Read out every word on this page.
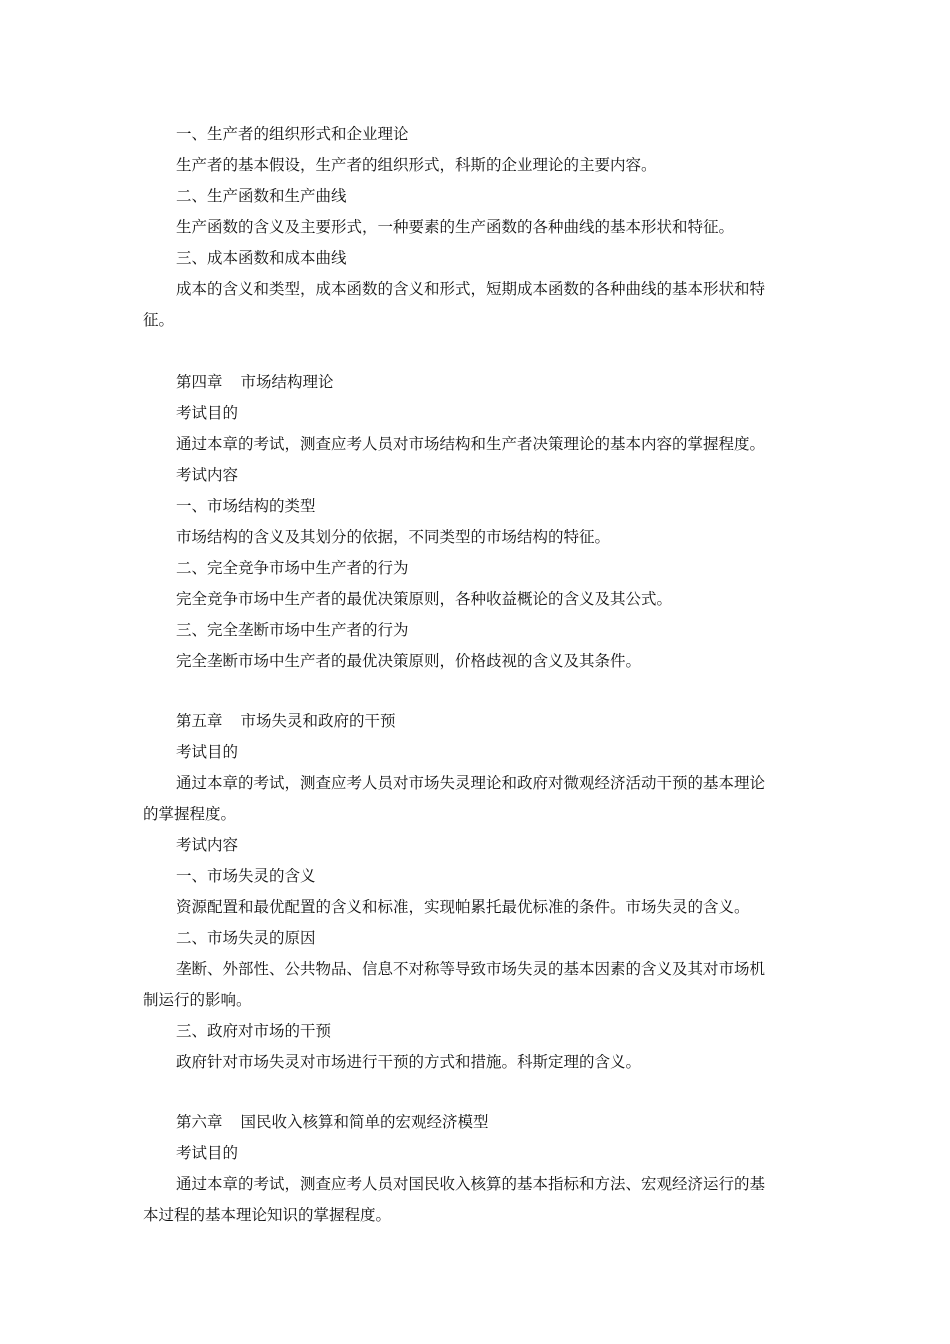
一、生产者的组织形式和企业理论
生产者的基本假设，生产者的组织形式，科斯的企业理论的主要内容。
二、生产函数和生产曲线
生产函数的含义及主要形式，一种要素的生产函数的各种曲线的基本形状和特征。
三、成本函数和成本曲线
成本的含义和类型，成本函数的含义和形式，短期成本函数的各种曲线的基本形状和特
征。
第四章 市场结构理论
考试目的
通过本章的考试，测查应考人员对市场结构和生产者决策理论的基本内容的掌握程度。
考试内容
一、市场结构的类型
市场结构的含义及其划分的依据，不同类型的市场结构的特征。
二、完全竞争市场中生产者的行为
完全竞争市场中生产者的最优决策原则，各种收益概论的含义及其公式。
三、完全垄断市场中生产者的行为
完全垄断市场中生产者的最优决策原则，价格歧视的含义及其条件。
第五章 市场失灵和政府的干预
考试目的
通过本章的考试，测查应考人员对市场失灵理论和政府对微观经济活动干预的基本理论
的掌握程度。
考试内容
一、市场失灵的含义
资源配置和最优配置的含义和标准，实现帕累托最优标准的条件。市场失灵的含义。
二、市场失灵的原因
垄断、外部性、公共物品、信息不对称等导致市场失灵的基本因素的含义及其对市场机
制运行的影响。
三、政府对市场的干预
政府针对市场失灵对市场进行干预的方式和措施。科斯定理的含义。
第六章 国民收入核算和简单的宏观经济模型
考试目的
通过本章的考试，测查应考人员对国民收入核算的基本指标和方法、宏观经济运行的基
本过程的基本理论知识的掌握程度。
